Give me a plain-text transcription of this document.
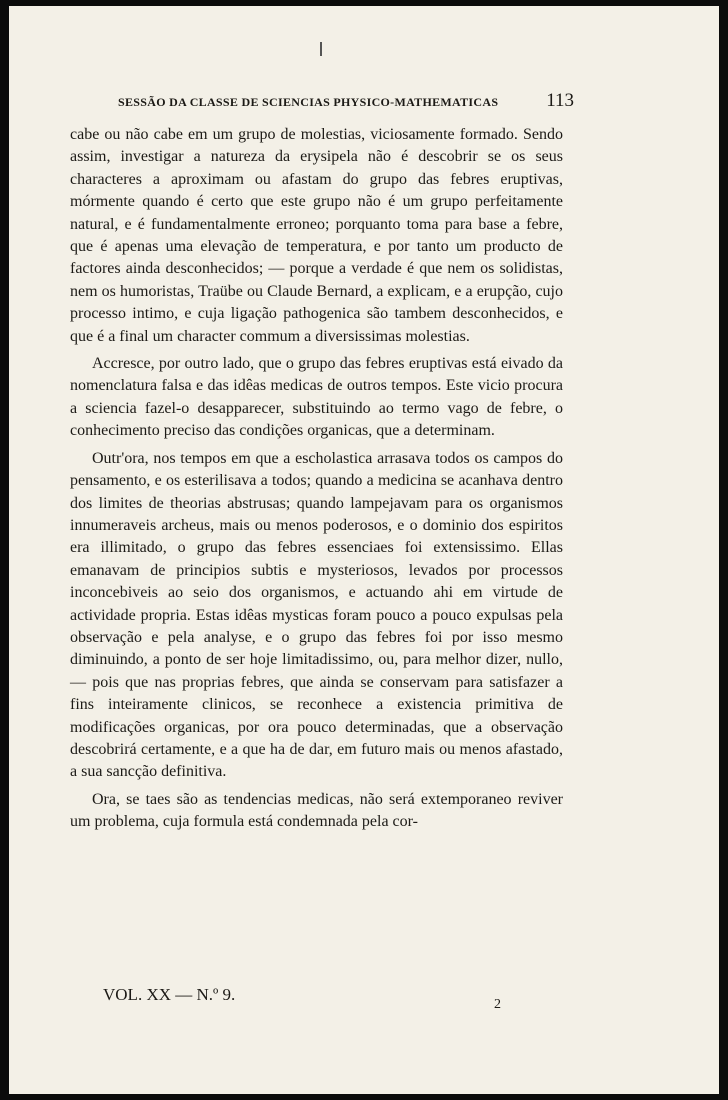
SESSÃO DA CLASSE DE SCIENCIAS PHYSICO-MATHEMATICAS	113

cabe ou não cabe em um grupo de molestias, viciosamente formado. Sendo assim, investigar a natureza da erysipela não é descobrir se os seus characteres a aproximam ou afastam do grupo das febres eruptivas, mórmente quando é certo que este grupo não é um grupo perfeitamente natural, e é fundamentalmente erroneo; porquanto toma para base a febre, que é apenas uma elevação de temperatura, e por tanto um producto de factores ainda desconhecidos; — porque a verdade é que nem os solidistas, nem os humoristas, Traübe ou Claude Bernard, a explicam, e a erupção, cujo processo intimo, e cuja ligação pathogenica são tambem desconhecidos, e que é a final um character commum a diversissimas molestias.

Accresce, por outro lado, que o grupo das febres eruptivas está eivado da nomenclatura falsa e das idêas medicas de outros tempos. Este vicio procura a sciencia fazel-o desapparecer, substituindo ao termo vago de febre, o conhecimento preciso das condições organicas, que a determinam.

Outr'ora, nos tempos em que a escholastica arrasava todos os campos do pensamento, e os esterilisava a todos; quando a medicina se acanhava dentro dos limites de theorias abstrusas; quando lampejavam para os organismos innumeraveis archeus, mais ou menos poderosos, e o dominio dos espiritos era illimitado, o grupo das febres essenciaes foi extensissimo. Ellas emanavam de principios subtis e mysteriosos, levados por processos inconcebiveis ao seio dos organismos, e actuando ahi em virtude de actividade propria. Estas idêas mysticas foram pouco a pouco expulsas pela observação e pela analyse, e o grupo das febres foi por isso mesmo diminuindo, a ponto de ser hoje limitadissimo, ou, para melhor dizer, nullo, — pois que nas proprias febres, que ainda se conservam para satisfazer a fins inteiramente clinicos, se reconhece a existencia primitiva de modificações organicas, por ora pouco determinadas, que a observação descobrirá certamente, e a que ha de dar, em futuro mais ou menos afastado, a sua sancção definitiva.

Ora, se taes são as tendencias medicas, não será extemporaneo reviver um problema, cuja formula está condemnada pela cor-

VOL. XX — N.º 9.
2
